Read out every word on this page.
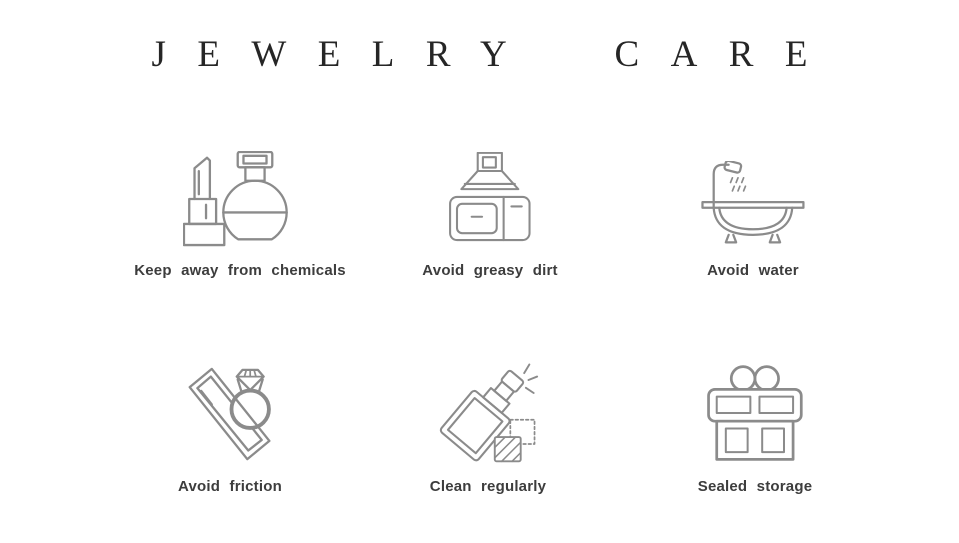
JEWELRY CARE
Keep away from chemicals	Avoid greasy dirt	Avoid water
Avoid friction	Clean regularly	Sealed storage
